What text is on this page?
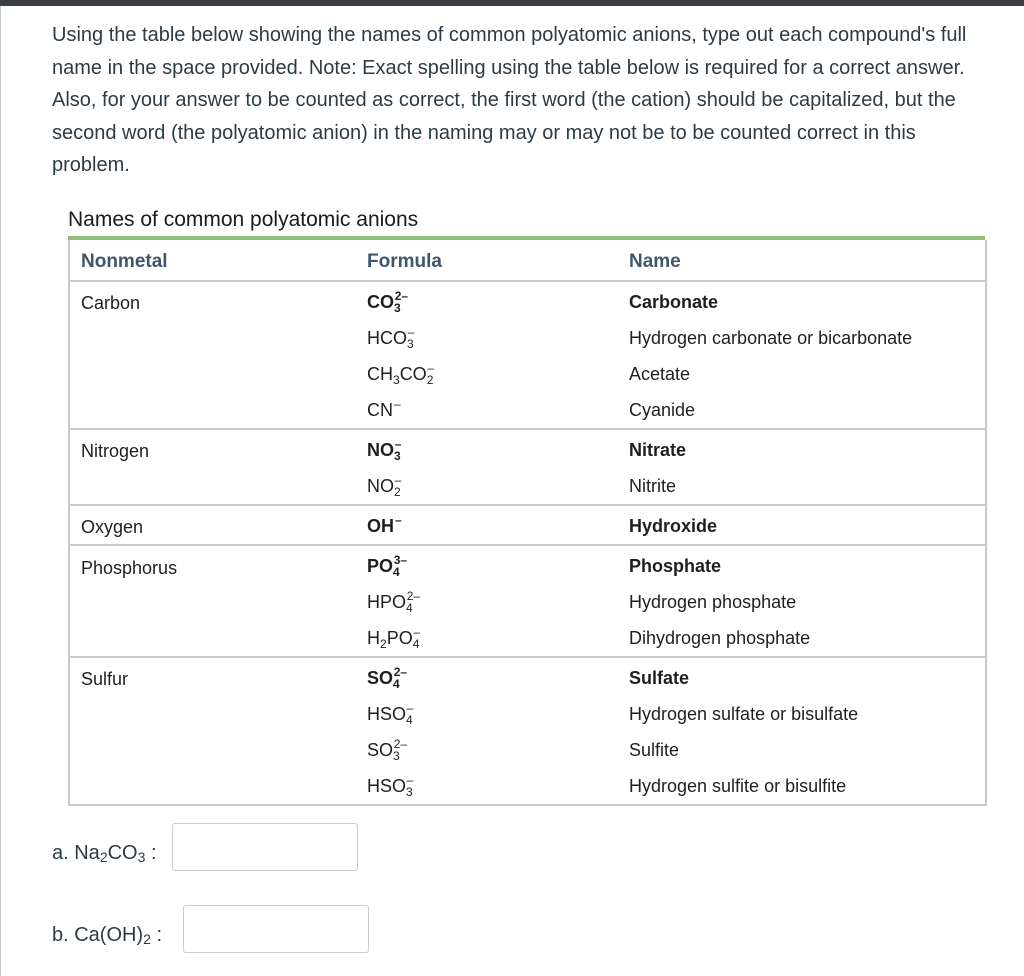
Using the table below showing the names of common polyatomic anions, type out each compound's full name in the space provided. Note: Exact spelling using the table below is required for a correct answer. Also, for your answer to be counted as correct, the first word (the cation) should be capitalized, but the second word (the polyatomic anion) in the naming may or may not be to be counted correct in this problem.
Names of common polyatomic anions
Nonmetal	Formula	Name
Carbon	$CO_3^{2-}$	Carbonate
$HCO_3^-$	Hydrogen carbonate or bicarbonate
$CH_3CO_2^-$	Acetate
CN–	Cyanide
Nitrogen	$NO_3^-$	Nitrate
$NO_2^-$	Nitrite
Oxygen	OH–	Hydroxide
Phosphorus	$PO_4^{3-}$	Phosphate
$HPO_4^{2-}$	Hydrogen phosphate
$H_2PO_4^-$	Dihydrogen phosphate
Sulfur	$SO_4^{2-}$	Sulfate
$HSO_4^-$	Hydrogen sulfate or bisulfate
$SO_3^{2-}$	Sulfite
$HSO_3^-$	Hydrogen sulfite or bisulfite
a. $Na_2CO_3$ :
b. $Ca(OH)_2$ :
